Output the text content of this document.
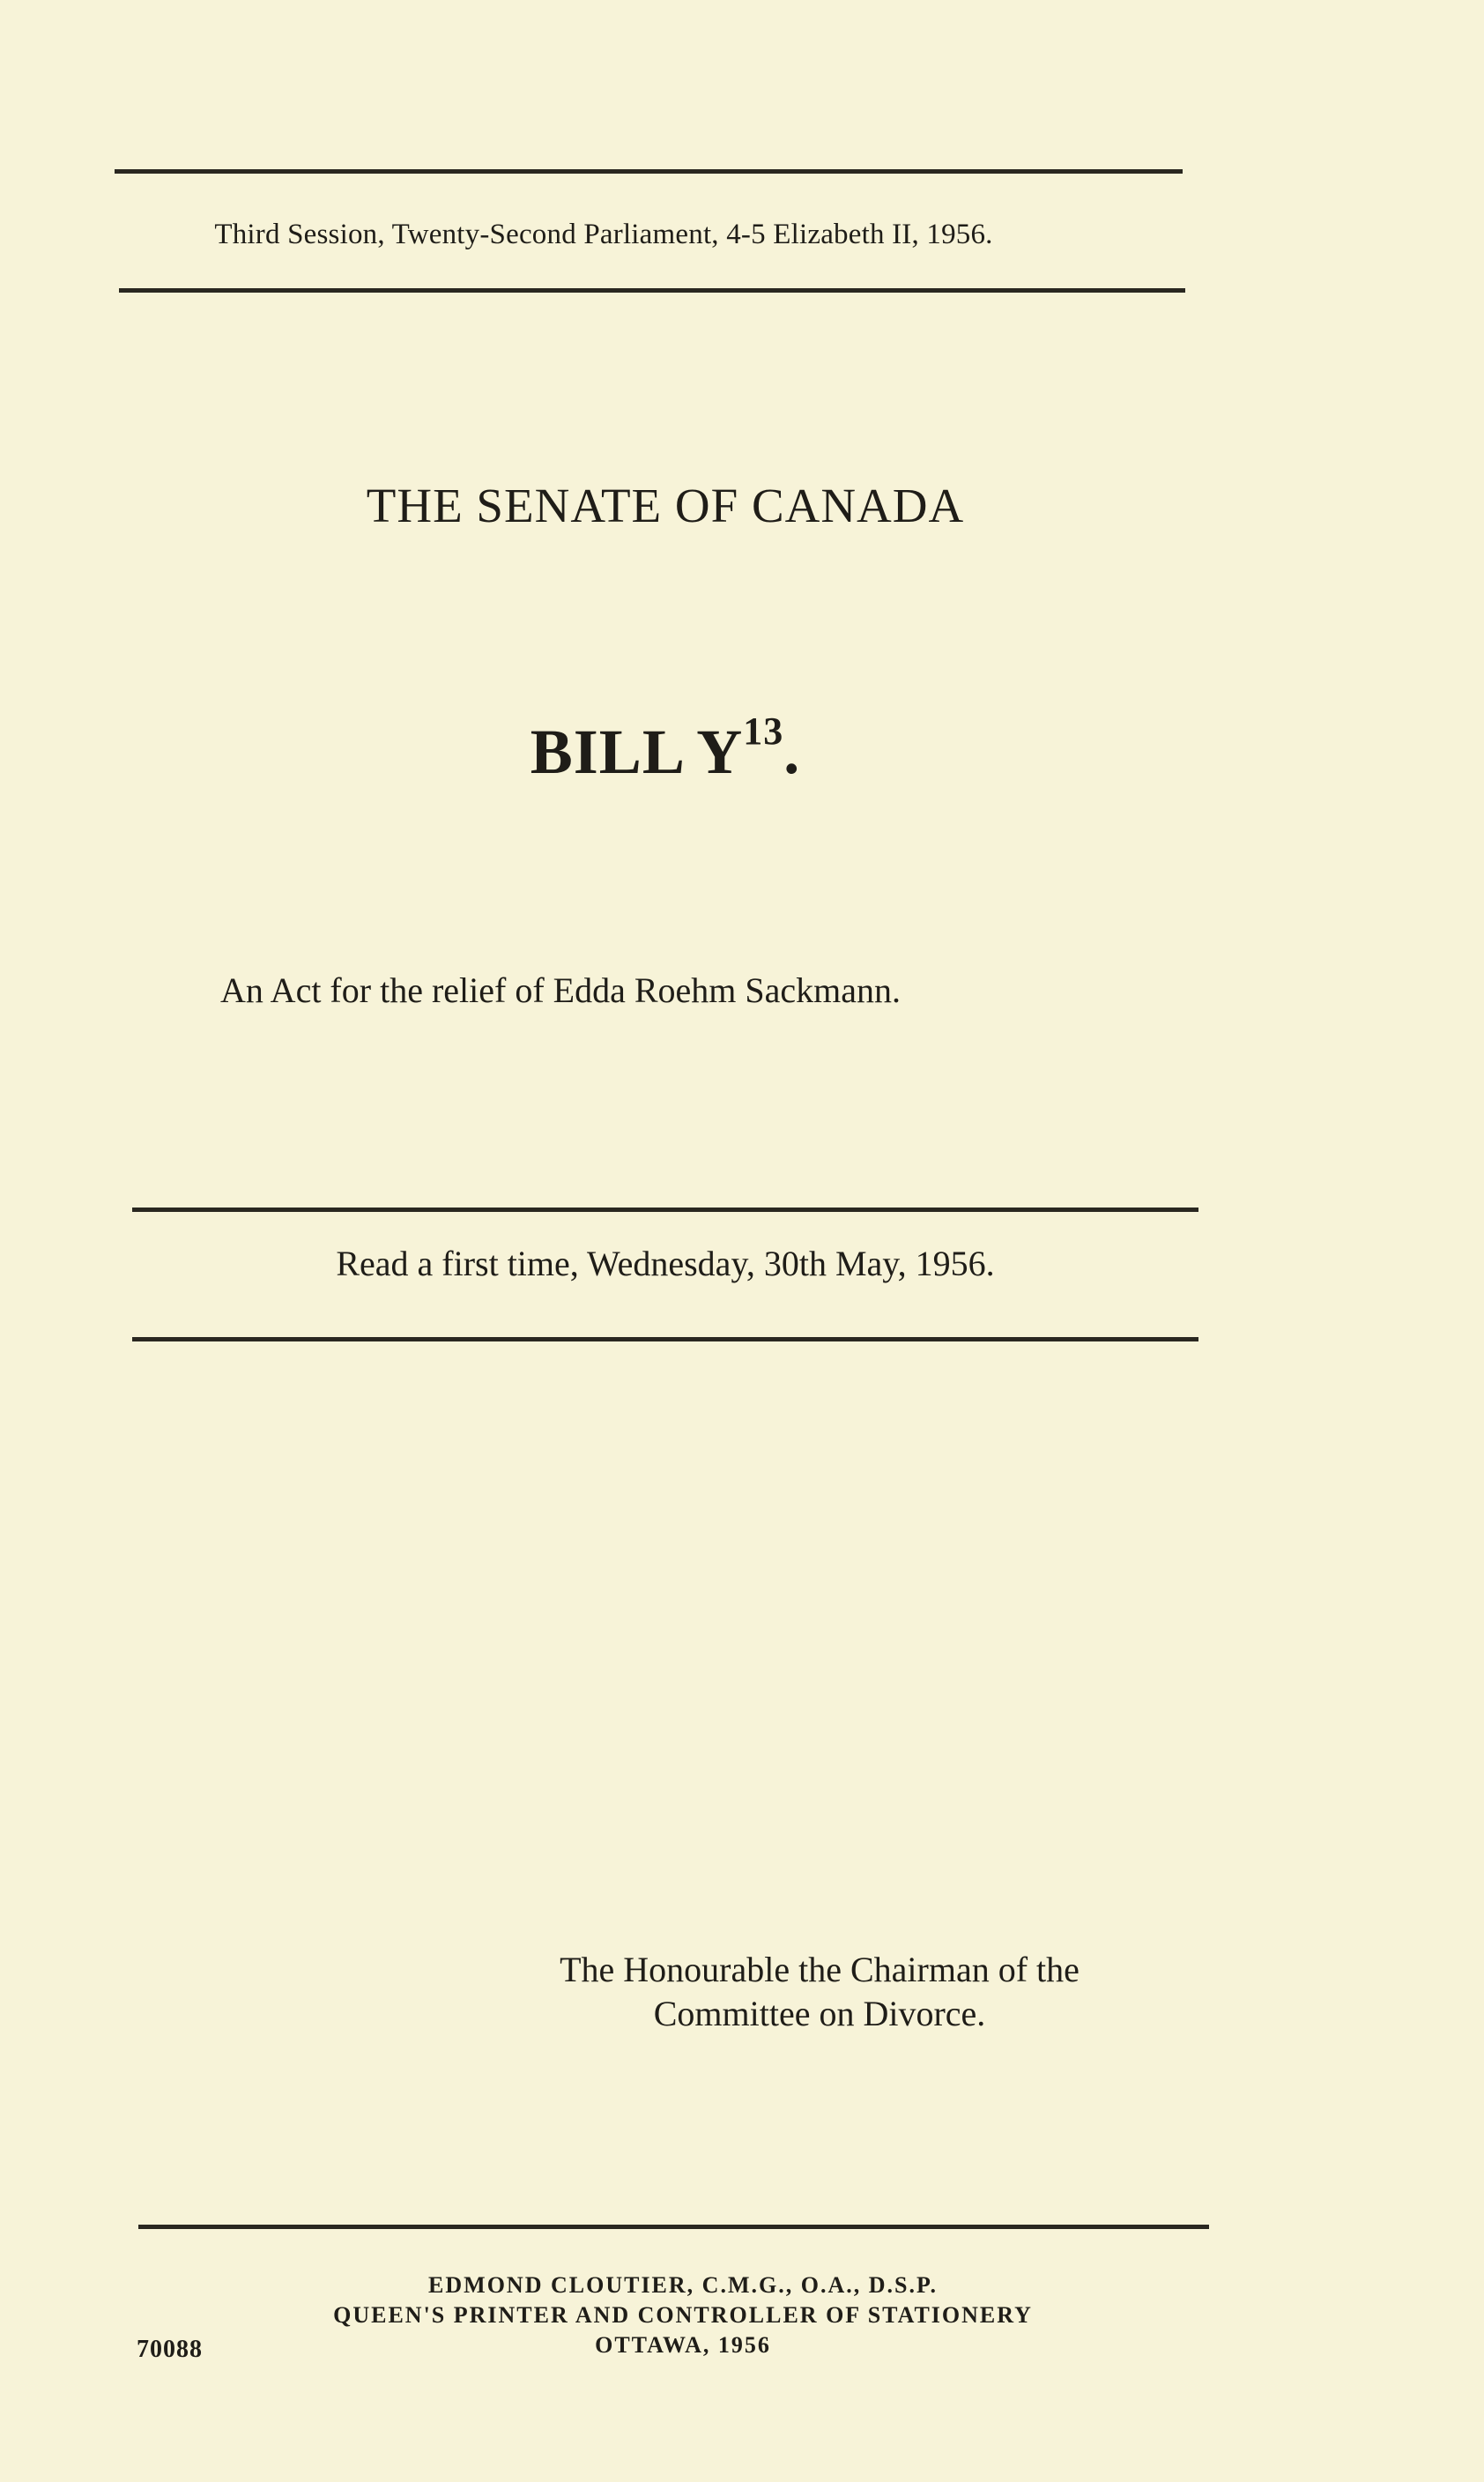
Third Session, Twenty-Second Parliament, 4-5 Elizabeth II, 1956.
THE SENATE OF CANADA
BILL $Y^{13}$.
An Act for the relief of Edda Roehm Sackmann.
Read a first time, Wednesday, 30th May, 1956.
The Honourable the Chairman of the
Committee on Divorce.
EDMOND CLOUTIER, C.M.G., O.A., D.S.P.
QUEEN'S PRINTER AND CONTROLLER OF STATIONERY
OTTAWA, 1956
70088
